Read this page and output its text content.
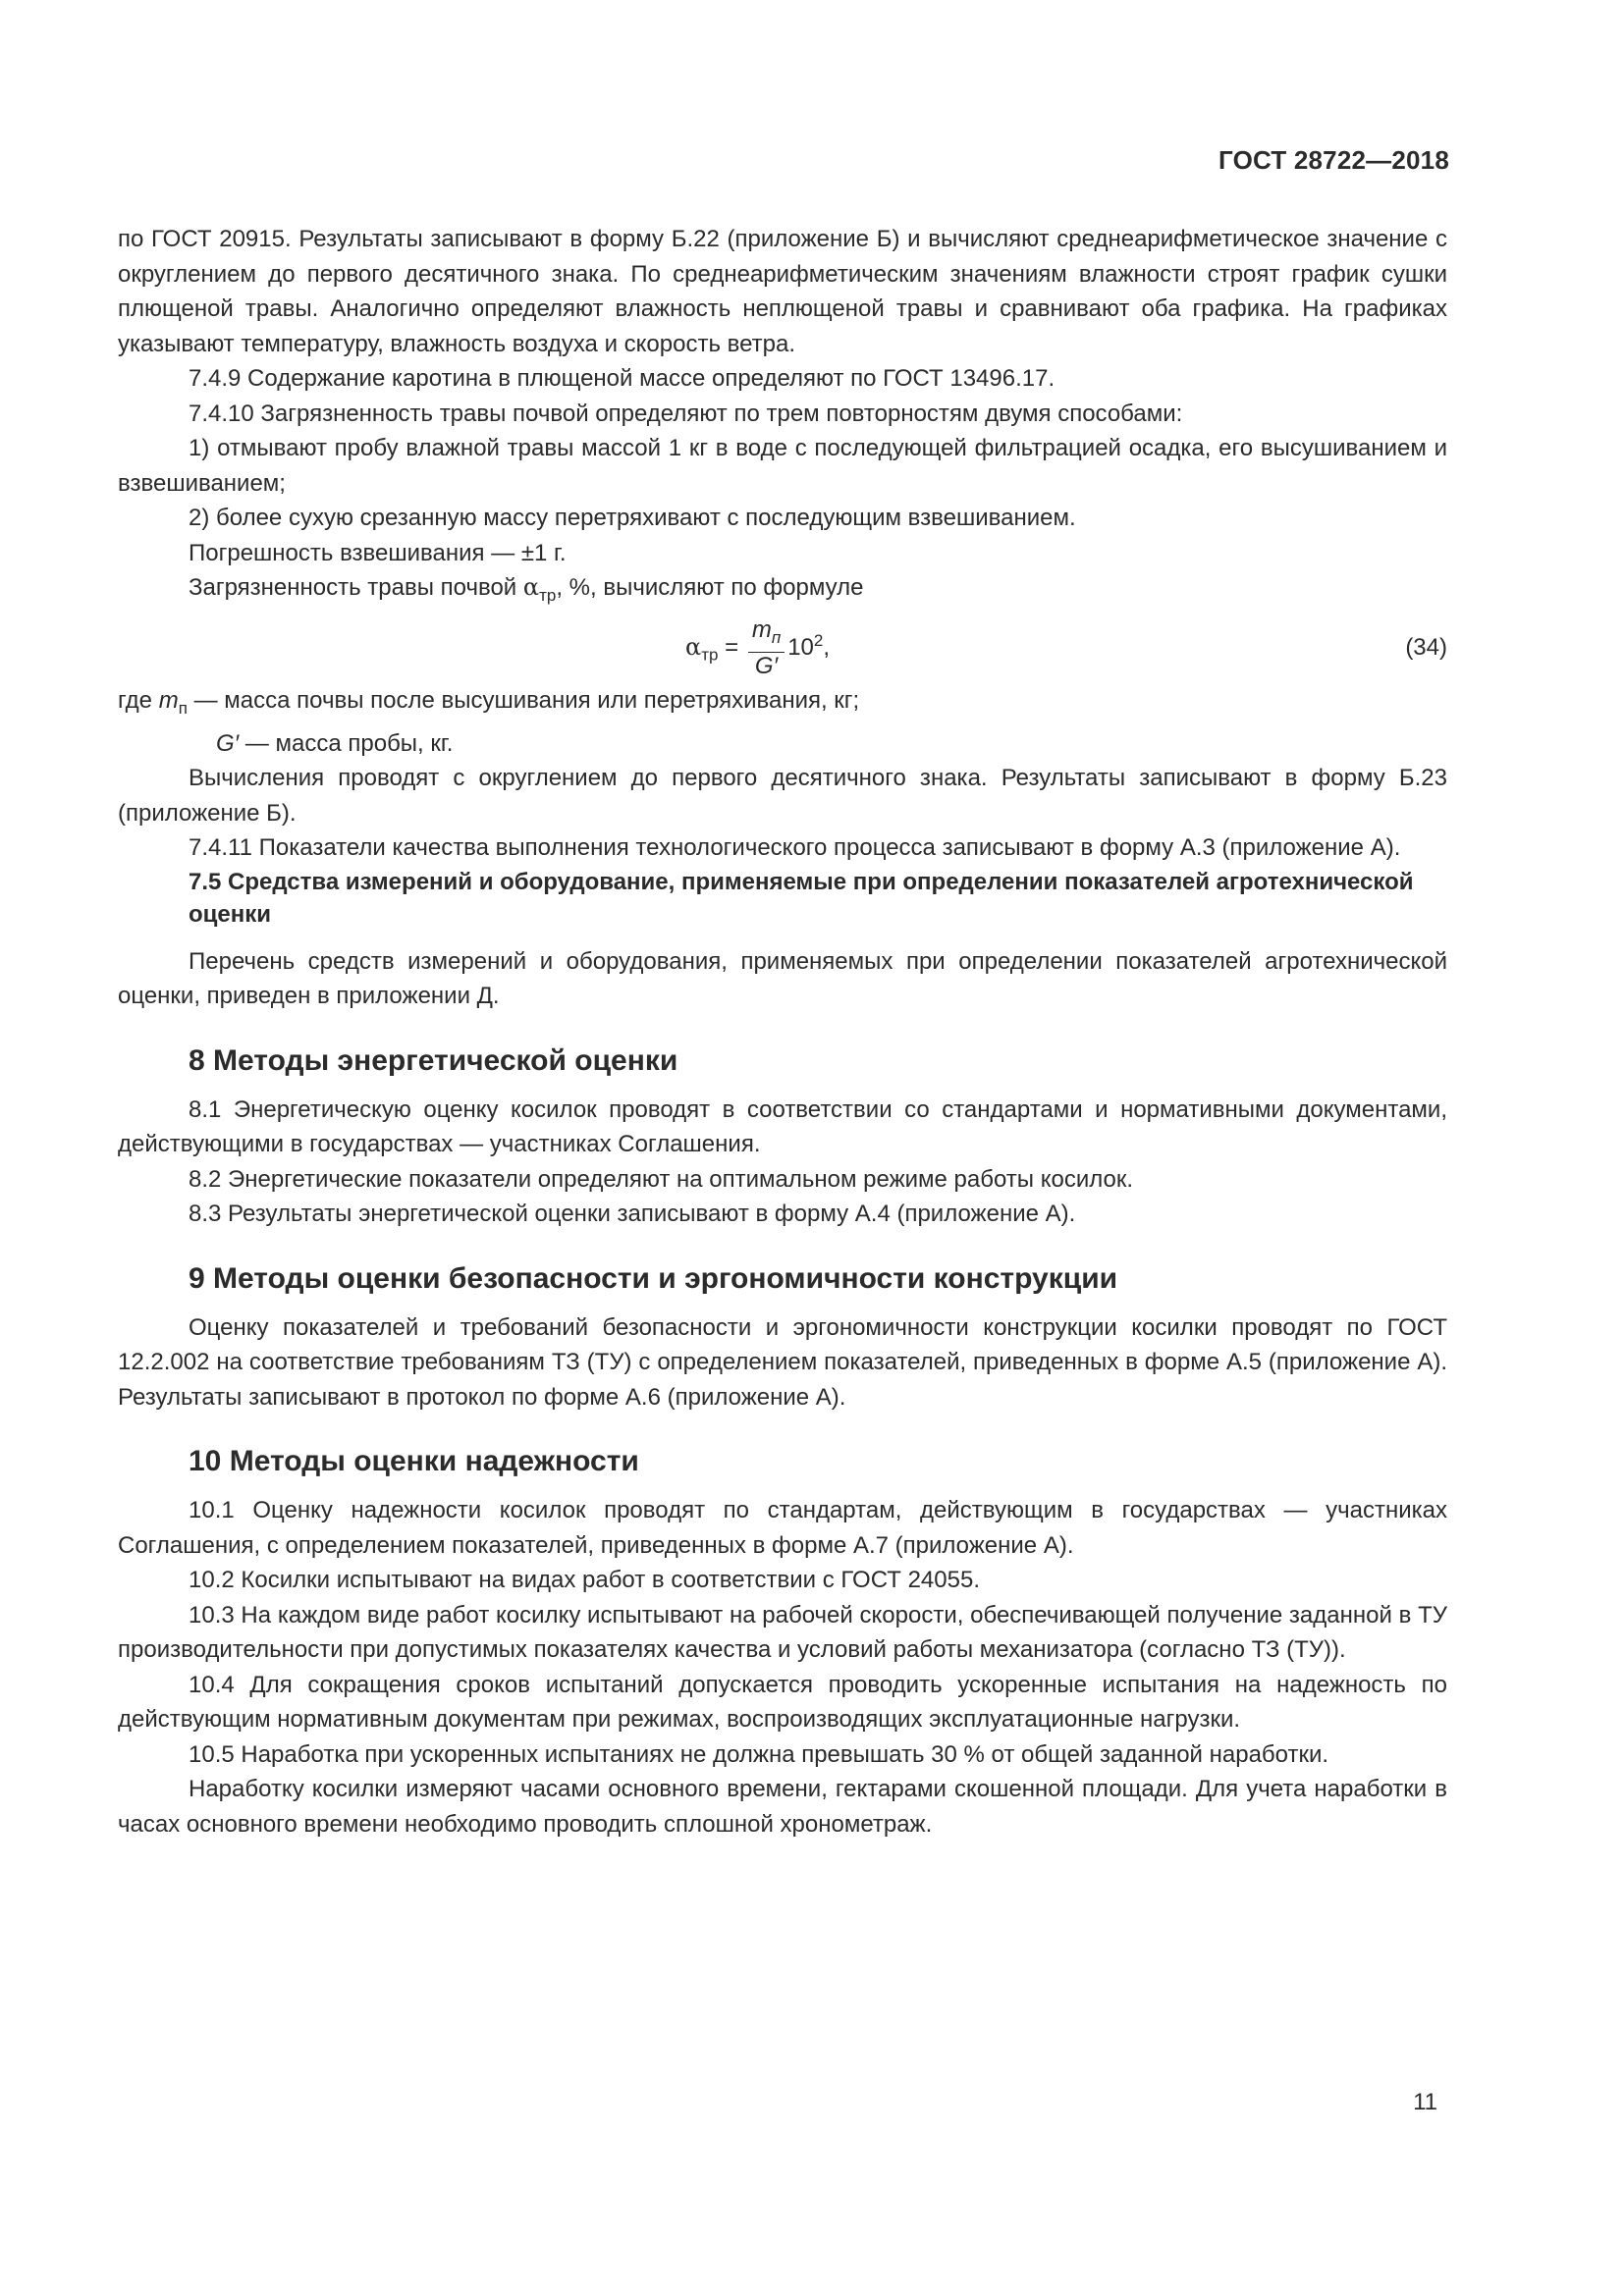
ГОСТ 28722—2018

по ГОСТ 20915. Результаты записывают в форму Б.22 (приложение Б) и вычисляют среднеарифметическое значение с округлением до первого десятичного знака. По среднеарифметическим значениям влажности строят график сушки плющеной травы. Аналогично определяют влажность неплющеной травы и сравнивают оба графика. На графиках указывают температуру, влажность воздуха и скорость ветра.

7.4.9 Содержание каротина в плющеной массе определяют по ГОСТ 13496.17.

7.4.10 Загрязненность травы почвой определяют по трем повторностям двумя способами:

1) отмывают пробу влажной травы массой 1 кг в воде с последующей фильтрацией осадка, его высушиванием и взвешиванием;

2) более сухую срезанную массу перетряхивают с последующим взвешиванием.

Погрешность взвешивания — ±1 г.

Загрязненность травы почвой $\alpha_{тр}$, %, вычисляют по формуле

$\alpha_{тр} = \frac{m_п}{G'} 10^2$,	(34)

где $m_п$ — масса почвы после высушивания или перетряхивания, кг;

G′ — масса пробы, кг.

Вычисления проводят с округлением до первого десятичного знака. Результаты записывают в форму Б.23 (приложение Б).

7.4.11 Показатели качества выполнения технологического процесса записывают в форму А.3 (приложение А).

7.5 Средства измерений и оборудование, применяемые при определении показателей агротехнической оценки

Перечень средств измерений и оборудования, применяемых при определении показателей агротехнической оценки, приведен в приложении Д.

8 Методы энергетической оценки

8.1 Энергетическую оценку косилок проводят в соответствии со стандартами и нормативными документами, действующими в государствах — участниках Соглашения.

8.2 Энергетические показатели определяют на оптимальном режиме работы косилок.

8.3 Результаты энергетической оценки записывают в форму А.4 (приложение А).

9 Методы оценки безопасности и эргономичности конструкции

Оценку показателей и требований безопасности и эргономичности конструкции косилки проводят по ГОСТ 12.2.002 на соответствие требованиям ТЗ (ТУ) с определением показателей, приведенных в форме А.5 (приложение А). Результаты записывают в протокол по форме А.6 (приложение А).

10 Методы оценки надежности

10.1 Оценку надежности косилок проводят по стандартам, действующим в государствах — участниках Соглашения, с определением показателей, приведенных в форме А.7 (приложение А).

10.2 Косилки испытывают на видах работ в соответствии с ГОСТ 24055.

10.3 На каждом виде работ косилку испытывают на рабочей скорости, обеспечивающей получение заданной в ТУ производительности при допустимых показателях качества и условий работы механизатора (согласно ТЗ (ТУ)).

10.4 Для сокращения сроков испытаний допускается проводить ускоренные испытания на надежность по действующим нормативным документам при режимах, воспроизводящих эксплуатационные нагрузки.

10.5 Наработка при ускоренных испытаниях не должна превышать 30 % от общей заданной наработки.

Наработку косилки измеряют часами основного времени, гектарами скошенной площади. Для учета наработки в часах основного времени необходимо проводить сплошной хронометраж.

11
